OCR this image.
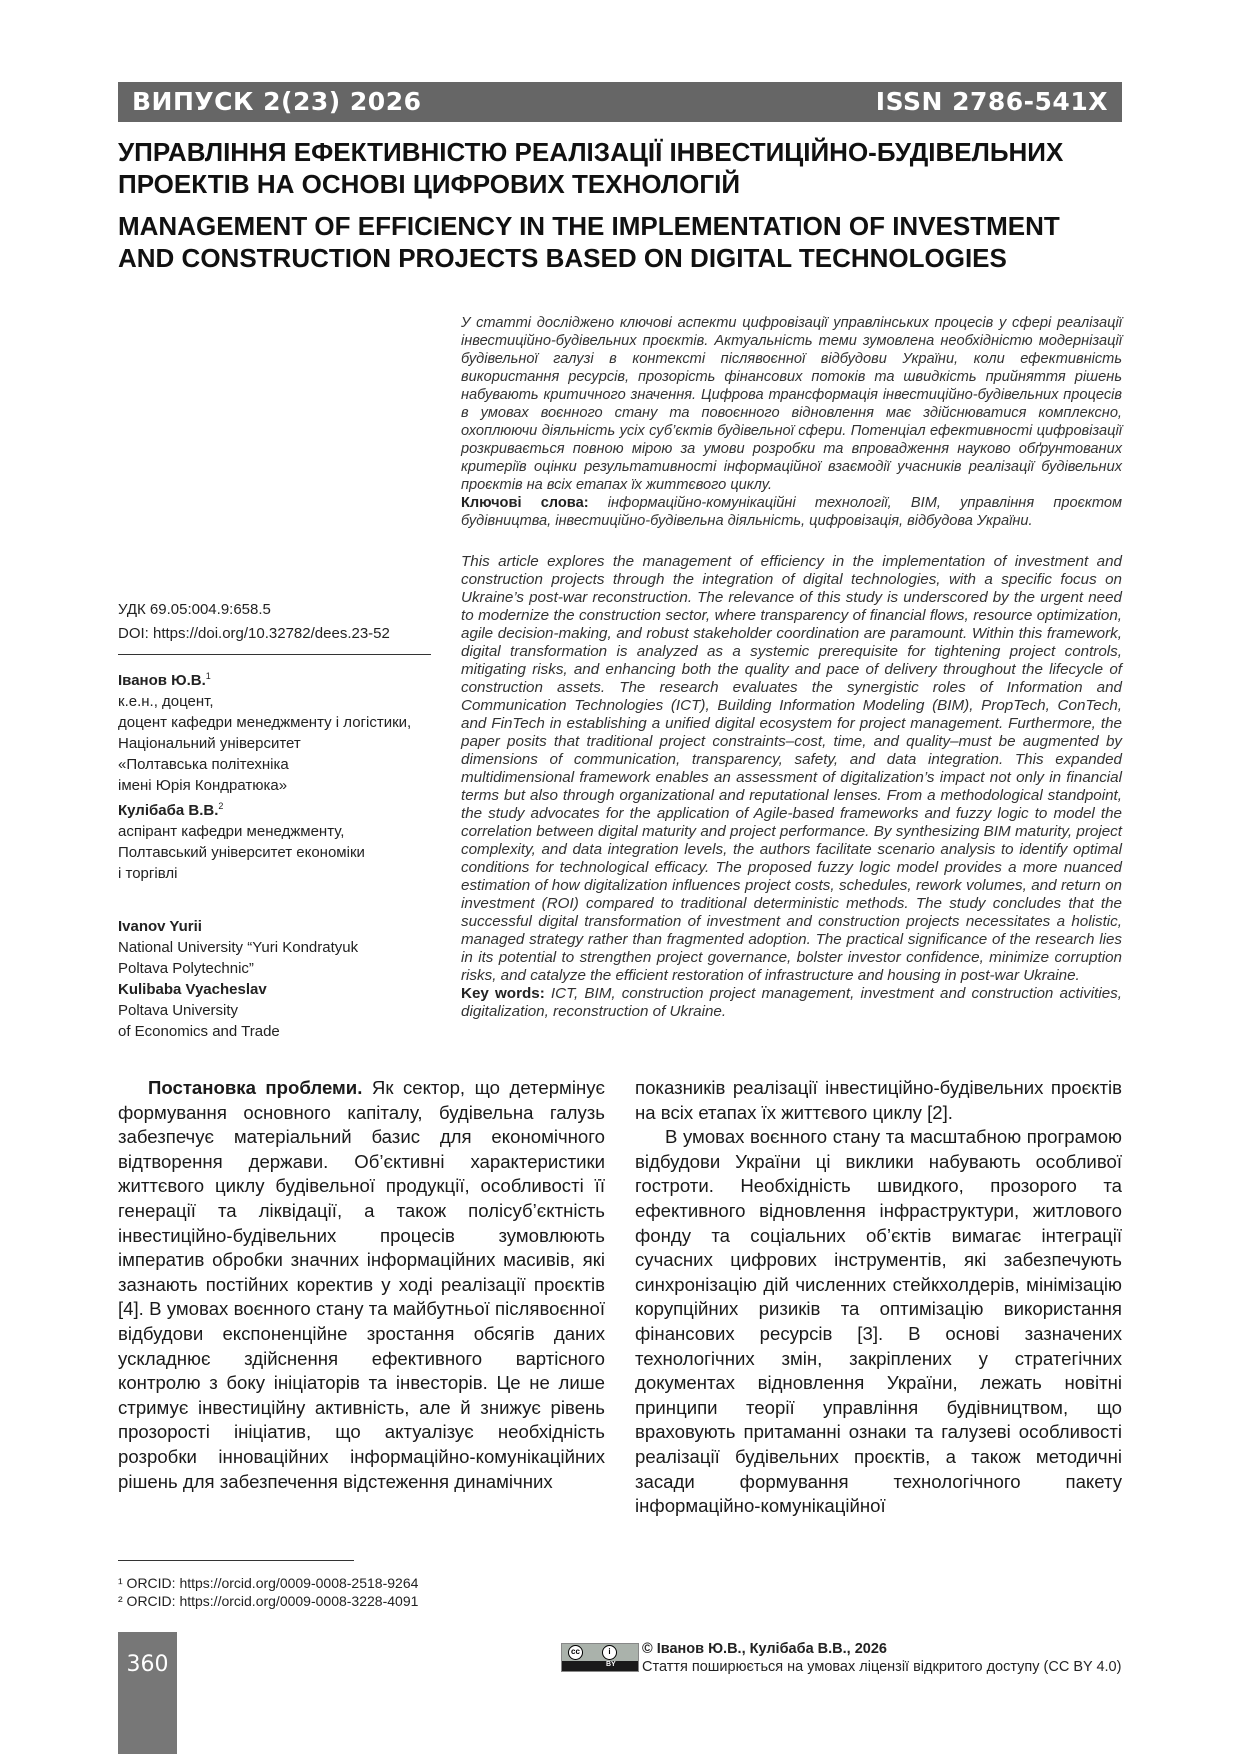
ВИПУСК 2(23) 2026	ISSN 2786-541X
УПРАВЛІННЯ ЕФЕКТИВНІСТЮ РЕАЛІЗАЦІЇ ІНВЕСТИЦІЙНО-БУДІВЕЛЬНИХ ПРОЕКТІВ НА ОСНОВІ ЦИФРОВИХ ТЕХНОЛОГІЙ
MANAGEMENT OF EFFICIENCY IN THE IMPLEMENTATION OF INVESTMENT AND CONSTRUCTION PROJECTS BASED ON DIGITAL TECHNOLOGIES
У статті досліджено ключові аспекти цифровізації управлінських процесів у сфері реалізації інвестиційно-будівельних проєктів. Актуальність теми зумовлена необхідністю модернізації будівельної галузі в контексті післявоєнної відбудови України, коли ефективність використання ресурсів, прозорість фінансових потоків та швидкість прийняття рішень набувають критичного значення. Цифрова трансформація інвестиційно-будівельних процесів в умовах воєнного стану та повоєнного відновлення має здійснюватися комплексно, охоплюючи діяльність усіх суб’єктів будівельної сфери. Потенціал ефективності цифровізації розкривається повною мірою за умови розробки та впровадження науково обґрунтованих критеріїв оцінки результативності інформаційної взаємодії учасників реалізації будівельних проєктів на всіх етапах їх життєвого циклу.
Ключові слова: інформаційно-комунікаційні технології, BIM, управління проєктом будівництва, інвестиційно-будівельна діяльність, цифровізація, відбудова України.
This article explores the management of efficiency in the implementation of investment and construction projects through the integration of digital technologies, with a specific focus on Ukraine’s post-war reconstruction. The relevance of this study is underscored by the urgent need to modernize the construction sector, where transparency of financial flows, resource optimization, agile decision-making, and robust stakeholder coordination are paramount. Within this framework, digital transformation is analyzed as a systemic prerequisite for tightening project controls, mitigating risks, and enhancing both the quality and pace of delivery throughout the lifecycle of construction assets. The research evaluates the synergistic roles of Information and Communication Technologies (ICT), Building Information Modeling (BIM), PropTech, ConTech, and FinTech in establishing a unified digital ecosystem for project management. Furthermore, the paper posits that traditional project constraints–cost, time, and quality–must be augmented by dimensions of communication, transparency, safety, and data integration. This expanded multidimensional framework enables an assessment of digitalization’s impact not only in financial terms but also through organizational and reputational lenses. From a methodological standpoint, the study advocates for the application of Agile-based frameworks and fuzzy logic to model the correlation between digital maturity and project performance. By synthesizing BIM maturity, project complexity, and data integration levels, the authors facilitate scenario analysis to identify optimal conditions for technological efficacy. The proposed fuzzy logic model provides a more nuanced estimation of how digitalization influences project costs, schedules, rework volumes, and return on investment (ROI) compared to traditional deterministic methods. The study concludes that the successful digital transformation of investment and construction projects necessitates a holistic, managed strategy rather than fragmented adoption. The practical significance of the research lies in its potential to strengthen project governance, bolster investor confidence, minimize corruption risks, and catalyze the efficient restoration of infrastructure and housing in post-war Ukraine.
Key words: ICT, BIM, construction project management, investment and construction activities, digitalization, reconstruction of Ukraine.
УДК 69.05:004.9:658.5
DOI: https://doi.org/10.32782/dees.23-52
Іванов Ю.В.$^1$
к.е.н., доцент,
доцент кафедри менеджменту і логістики,
Національний університет
«Полтавська політехніка
імені Юрія Кондратюка»
Кулібаба В.В.$^2$
аспірант кафедри менеджменту,
Полтавський університет економіки
і торгівлі
Ivanov Yurii
National University “Yuri Kondratyuk
Poltava Polytechnic”
Kulibaba Vyacheslav
Poltava University
of Economics and Trade

Постановка проблеми. Як сектор, що детермінує формування основного капіталу, будівельна галузь забезпечує матеріальний базис для економічного відтворення держави. Об’єктивні характеристики життєвого циклу будівельної продукції, особливості її генерації та ліквідації, а також полісуб’єктність інвестиційно-будівельних процесів зумовлюють імператив обробки значних інформаційних масивів, які зазнають постійних коректив у ході реалізації проєктів [4]. В умовах воєнного стану та майбутньої післявоєнної відбудови експоненційне зростання обсягів даних ускладнює здійснення ефективного вартісного контролю з боку ініціаторів та інвесторів. Це не лише стримує інвестиційну активність, але й знижує рівень прозорості ініціатив, що актуалізує необхідність розробки інноваційних інформаційно-комунікаційних рішень для забезпечення відстеження динамічних

показників реалізації інвестиційно-будівельних проєктів на всіх етапах їх життєвого циклу [2].

В умовах воєнного стану та масштабною програмою відбудови України ці виклики набувають особливої гостроти. Необхідність швидкого, прозорого та ефективного відновлення інфраструктури, житлового фонду та соціальних об’єктів вимагає інтеграції сучасних цифрових інструментів, які забезпечують синхронізацію дій численних стейкхолдерів, мінімізацію корупційних ризиків та оптимізацію використання фінансових ресурсів [3]. В основі зазначених технологічних змін, закріплених у стратегічних документах відновлення України, лежать новітні принципи теорії управління будівництвом, що враховують притаманні ознаки та галузеві особливості реалізації будівельних проєктів, а також методичні засади формування технологічного пакету інформаційно-комунікаційної

¹ ORCID: https://orcid.org/0009-0008-2518-9264
² ORCID: https://orcid.org/0009-0008-3228-4091
360
cc	i
BY
© Іванов Ю.В., Кулібаба В.В., 2026
Стаття поширюється на умовах ліцензії відкритого доступу (CC BY 4.0)
